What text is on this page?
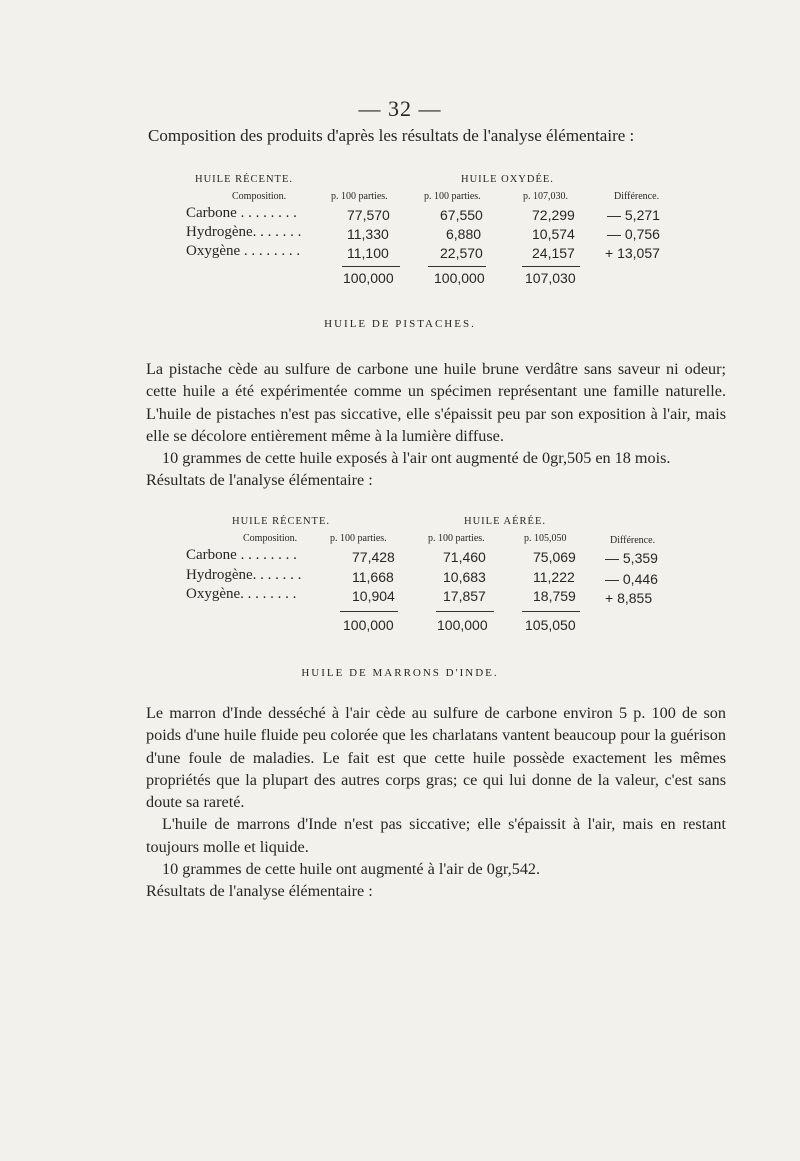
— 32 —
Composition des produits d'après les résultats de l'analyse élémentaire :
HUILE RÉCENTE.	HUILE OXYDÉE.
Composition.	p. 100 parties.	p. 100 parties.	p. 107,030.	Différence.
Carbone . . . . . . . .	77,570	67,550	72,299 — 5,271
Hydrogène. . . . . . .	11,330	6,880	10,574 — 0,756
Oxygène . . . . . . . .	11,100	22,570	24,157 + 13,057
100,000	100,000	107,030
HUILE DE PISTACHES.

La pistache cède au sulfure de carbone une huile brune verdâtre sans saveur ni odeur; cette huile a été expérimentée comme un spécimen représentant une famille naturelle. L'huile de pistaches n'est pas siccative, elle s'épaissit peu par son exposition à l'air, mais elle se décolore entièrement même à la lumière diffuse.

10 grammes de cette huile exposés à l'air ont augmenté de 0gr,505 en 18 mois.

Résultats de l'analyse élémentaire :

HUILE RÉCENTE.	HUILE AÉRÉE.
Composition.	p. 100 parties.	p. 100 parties.	p. 105,050	Différence.
Carbone . . . . . . . .	77,428	71,460	75,069 — 5,359
Hydrogène. . . . . . .	11,668	10,683	11,222 — 0,446
Oxygène. . . . . . . .	10,904	17,857	18,759 + 8,855
100,000	100,000	105,050
HUILE DE MARRONS D'INDE.

Le marron d'Inde desséché à l'air cède au sulfure de carbone environ 5 p. 100 de son poids d'une huile fluide peu colorée que les charlatans vantent beaucoup pour la guérison d'une foule de maladies. Le fait est que cette huile possède exactement les mêmes propriétés que la plupart des autres corps gras; ce qui lui donne de la valeur, c'est sans doute sa rareté.

L'huile de marrons d'Inde n'est pas siccative; elle s'épaissit à l'air, mais en restant toujours molle et liquide.

10 grammes de cette huile ont augmenté à l'air de 0gr,542.

Résultats de l'analyse élémentaire :
